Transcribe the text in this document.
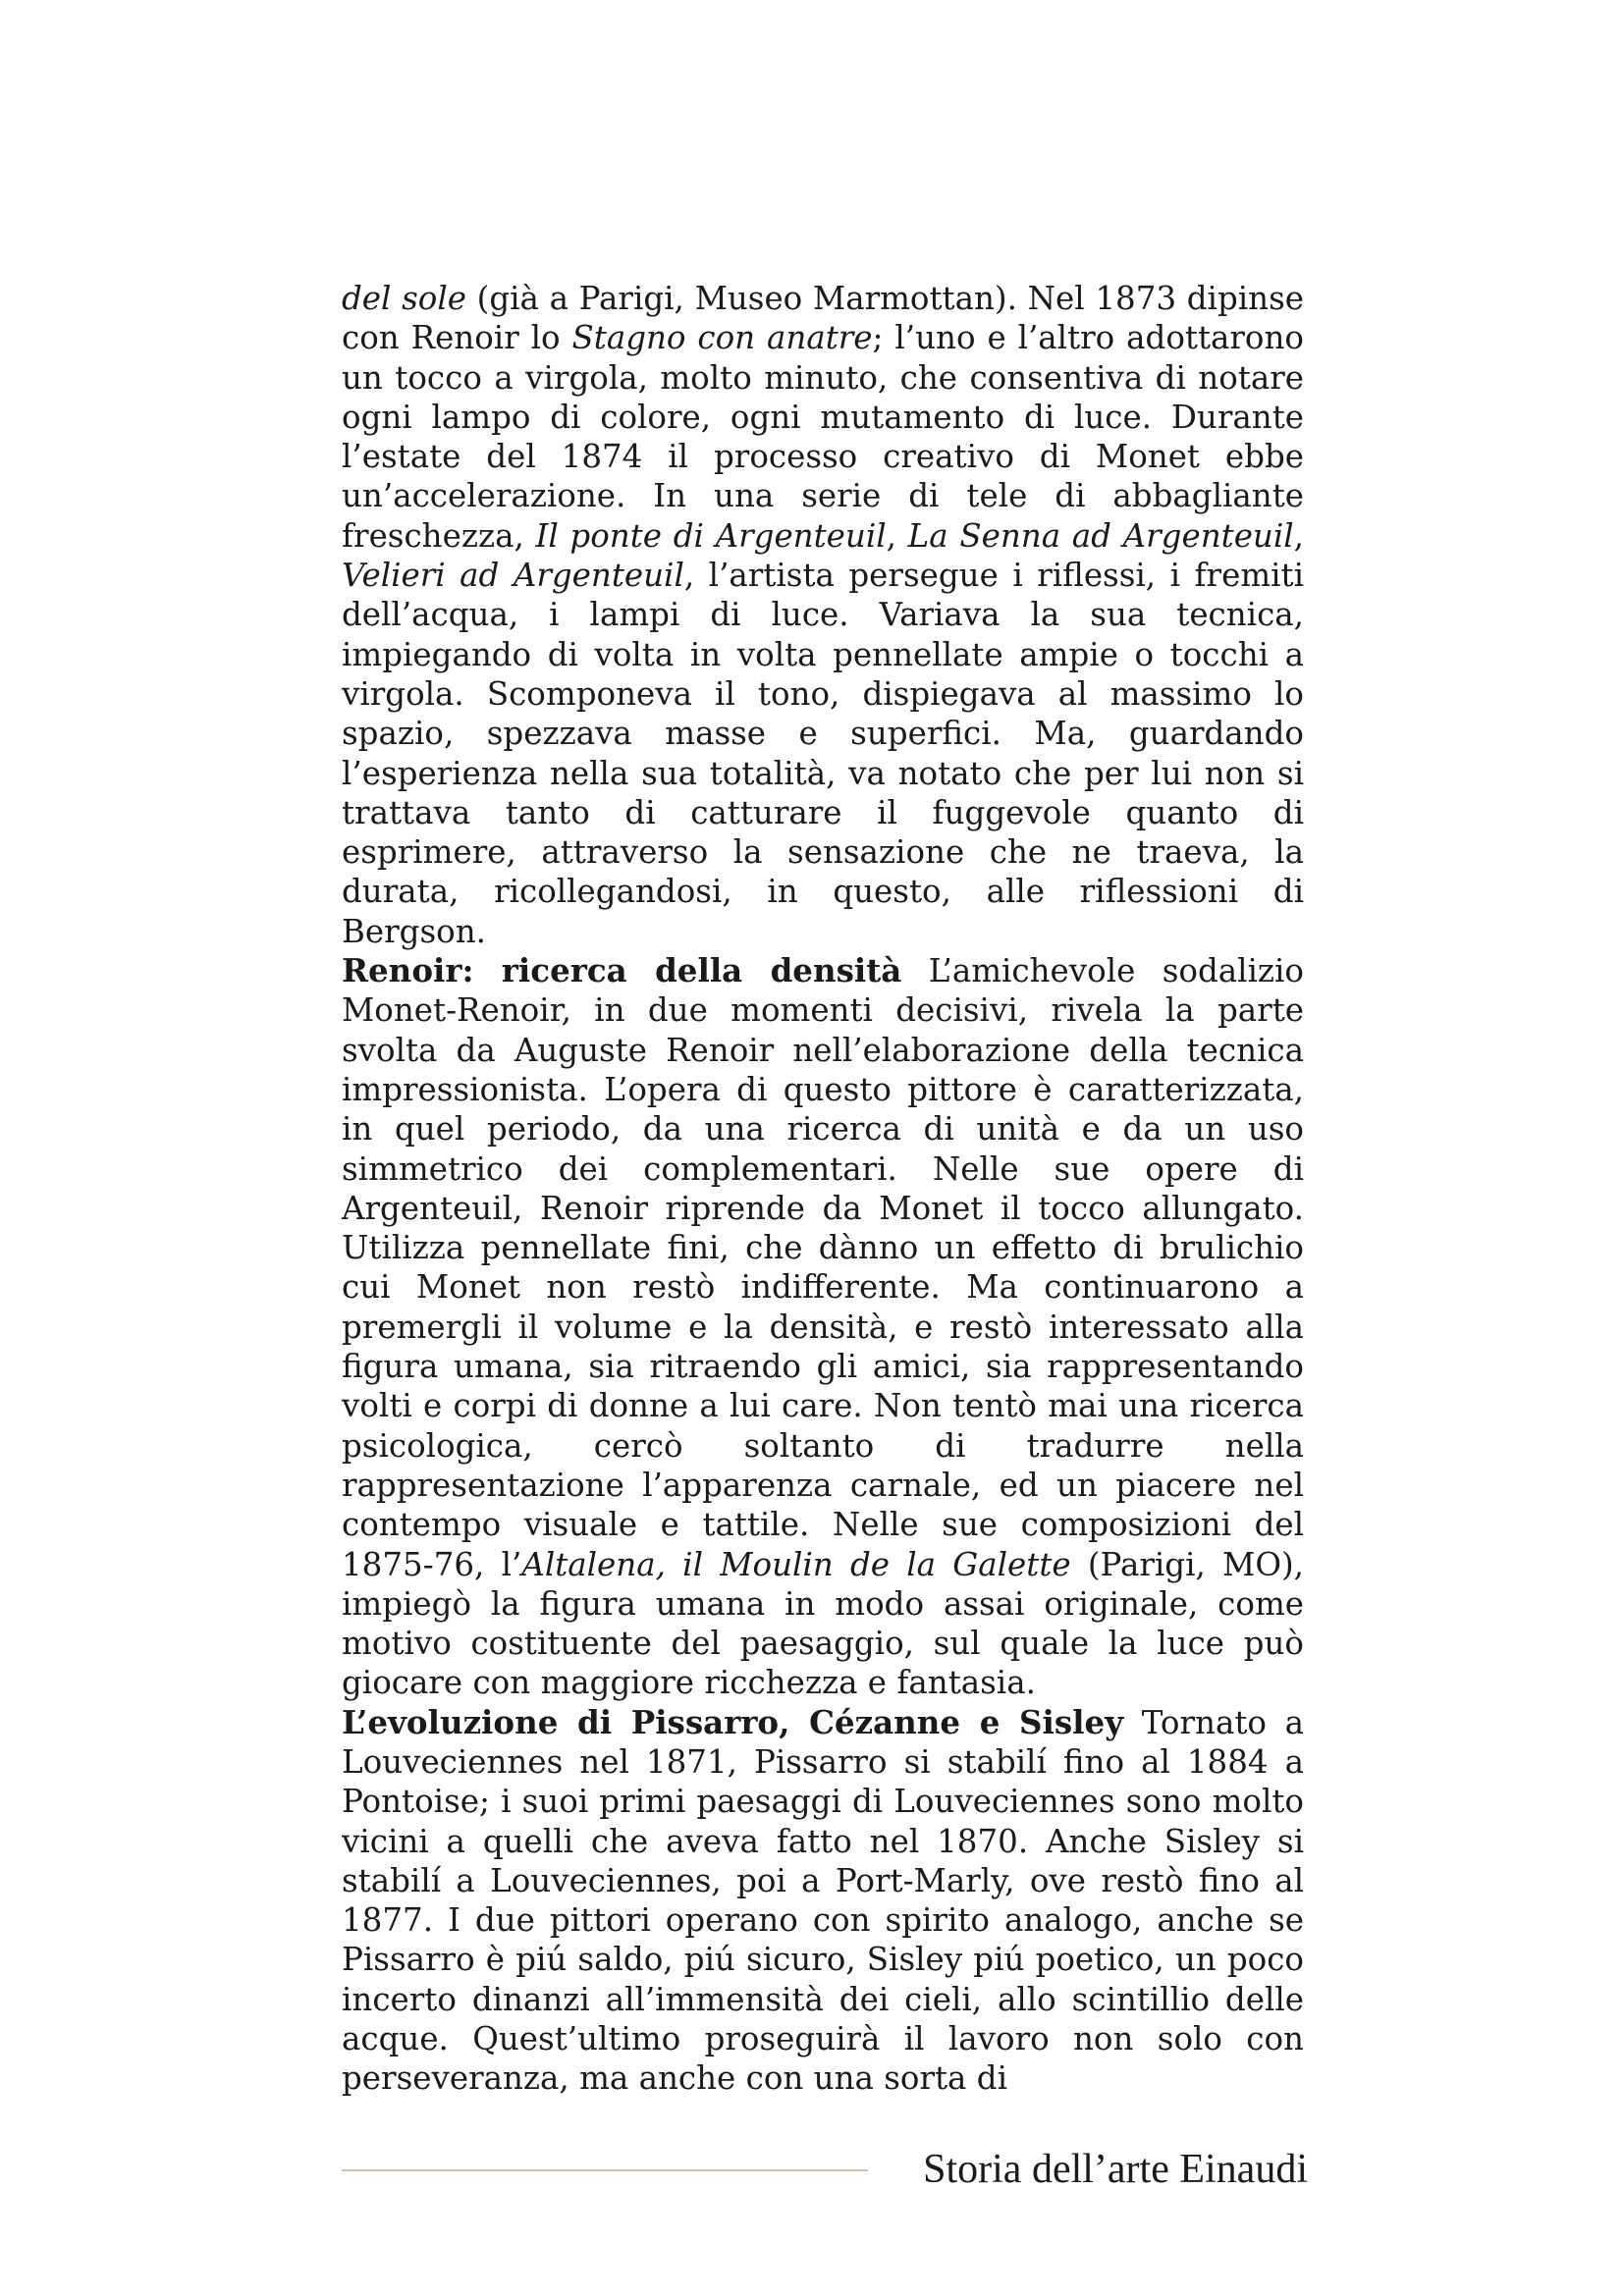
del sole (già a Parigi, Museo Marmottan). Nel 1873 dipinse con Renoir lo Stagno con anatre; l’uno e l’altro adottarono un tocco a virgola, molto minuto, che consentiva di notare ogni lampo di colore, ogni mutamento di luce. Durante l’estate del 1874 il processo creativo di Monet ebbe un’accelerazione. In una serie di tele di abbagliante freschezza, Il ponte di Argenteuil, La Senna ad Argenteuil, Velieri ad Argenteuil, l’artista persegue i riflessi, i fremiti dell’acqua, i lampi di luce. Variava la sua tecnica, impiegando di volta in volta pennellate ampie o tocchi a virgola. Scomponeva il tono, dispiegava al massimo lo spazio, spezzava masse e superfici. Ma, guardando l’esperienza nella sua totalità, va notato che per lui non si trattava tanto di catturare il fuggevole quanto di esprimere, attraverso la sensazione che ne traeva, la durata, ricollegandosi, in questo, alle riflessioni di Bergson.

Renoir: ricerca della densità L’amichevole sodalizio Monet-Renoir, in due momenti decisivi, rivela la parte svolta da Auguste Renoir nell’elaborazione della tecnica impressionista. L’opera di questo pittore è caratterizzata, in quel periodo, da una ricerca di unità e da un uso simmetrico dei complementari. Nelle sue opere di Argenteuil, Renoir riprende da Monet il tocco allungato. Utilizza pennellate fini, che dànno un effetto di brulichio cui Monet non restò indifferente. Ma continuarono a premergli il volume e la densità, e restò interessato alla figura umana, sia ritraendo gli amici, sia rappresentando volti e corpi di donne a lui care. Non tentò mai una ricerca psicologica, cercò soltanto di tradurre nella rappresentazione l’apparenza carnale, ed un piacere nel contempo visuale e tattile. Nelle sue composizioni del 1875-76, l’Altalena, il Moulin de la Galette (Parigi, MO), impiegò la figura umana in modo assai originale, come motivo costituente del paesaggio, sul quale la luce può giocare con maggiore ricchezza e fantasia.

L’evoluzione di Pissarro, Cézanne e Sisley Tornato a Louveciennes nel 1871, Pissarro si stabilí fino al 1884 a Pontoise; i suoi primi paesaggi di Louveciennes sono molto vicini a quelli che aveva fatto nel 1870. Anche Sisley si stabilí a Louveciennes, poi a Port-Marly, ove restò fino al 1877. I due pittori operano con spirito analogo, anche se Pissarro è piú saldo, piú sicuro, Sisley piú poetico, un poco incerto dinanzi all’immensità dei cieli, allo scintillio delle acque. Quest’ultimo proseguirà il lavoro non solo con perseveranza, ma anche con una sorta di

Storia dell’arte Einaudi
